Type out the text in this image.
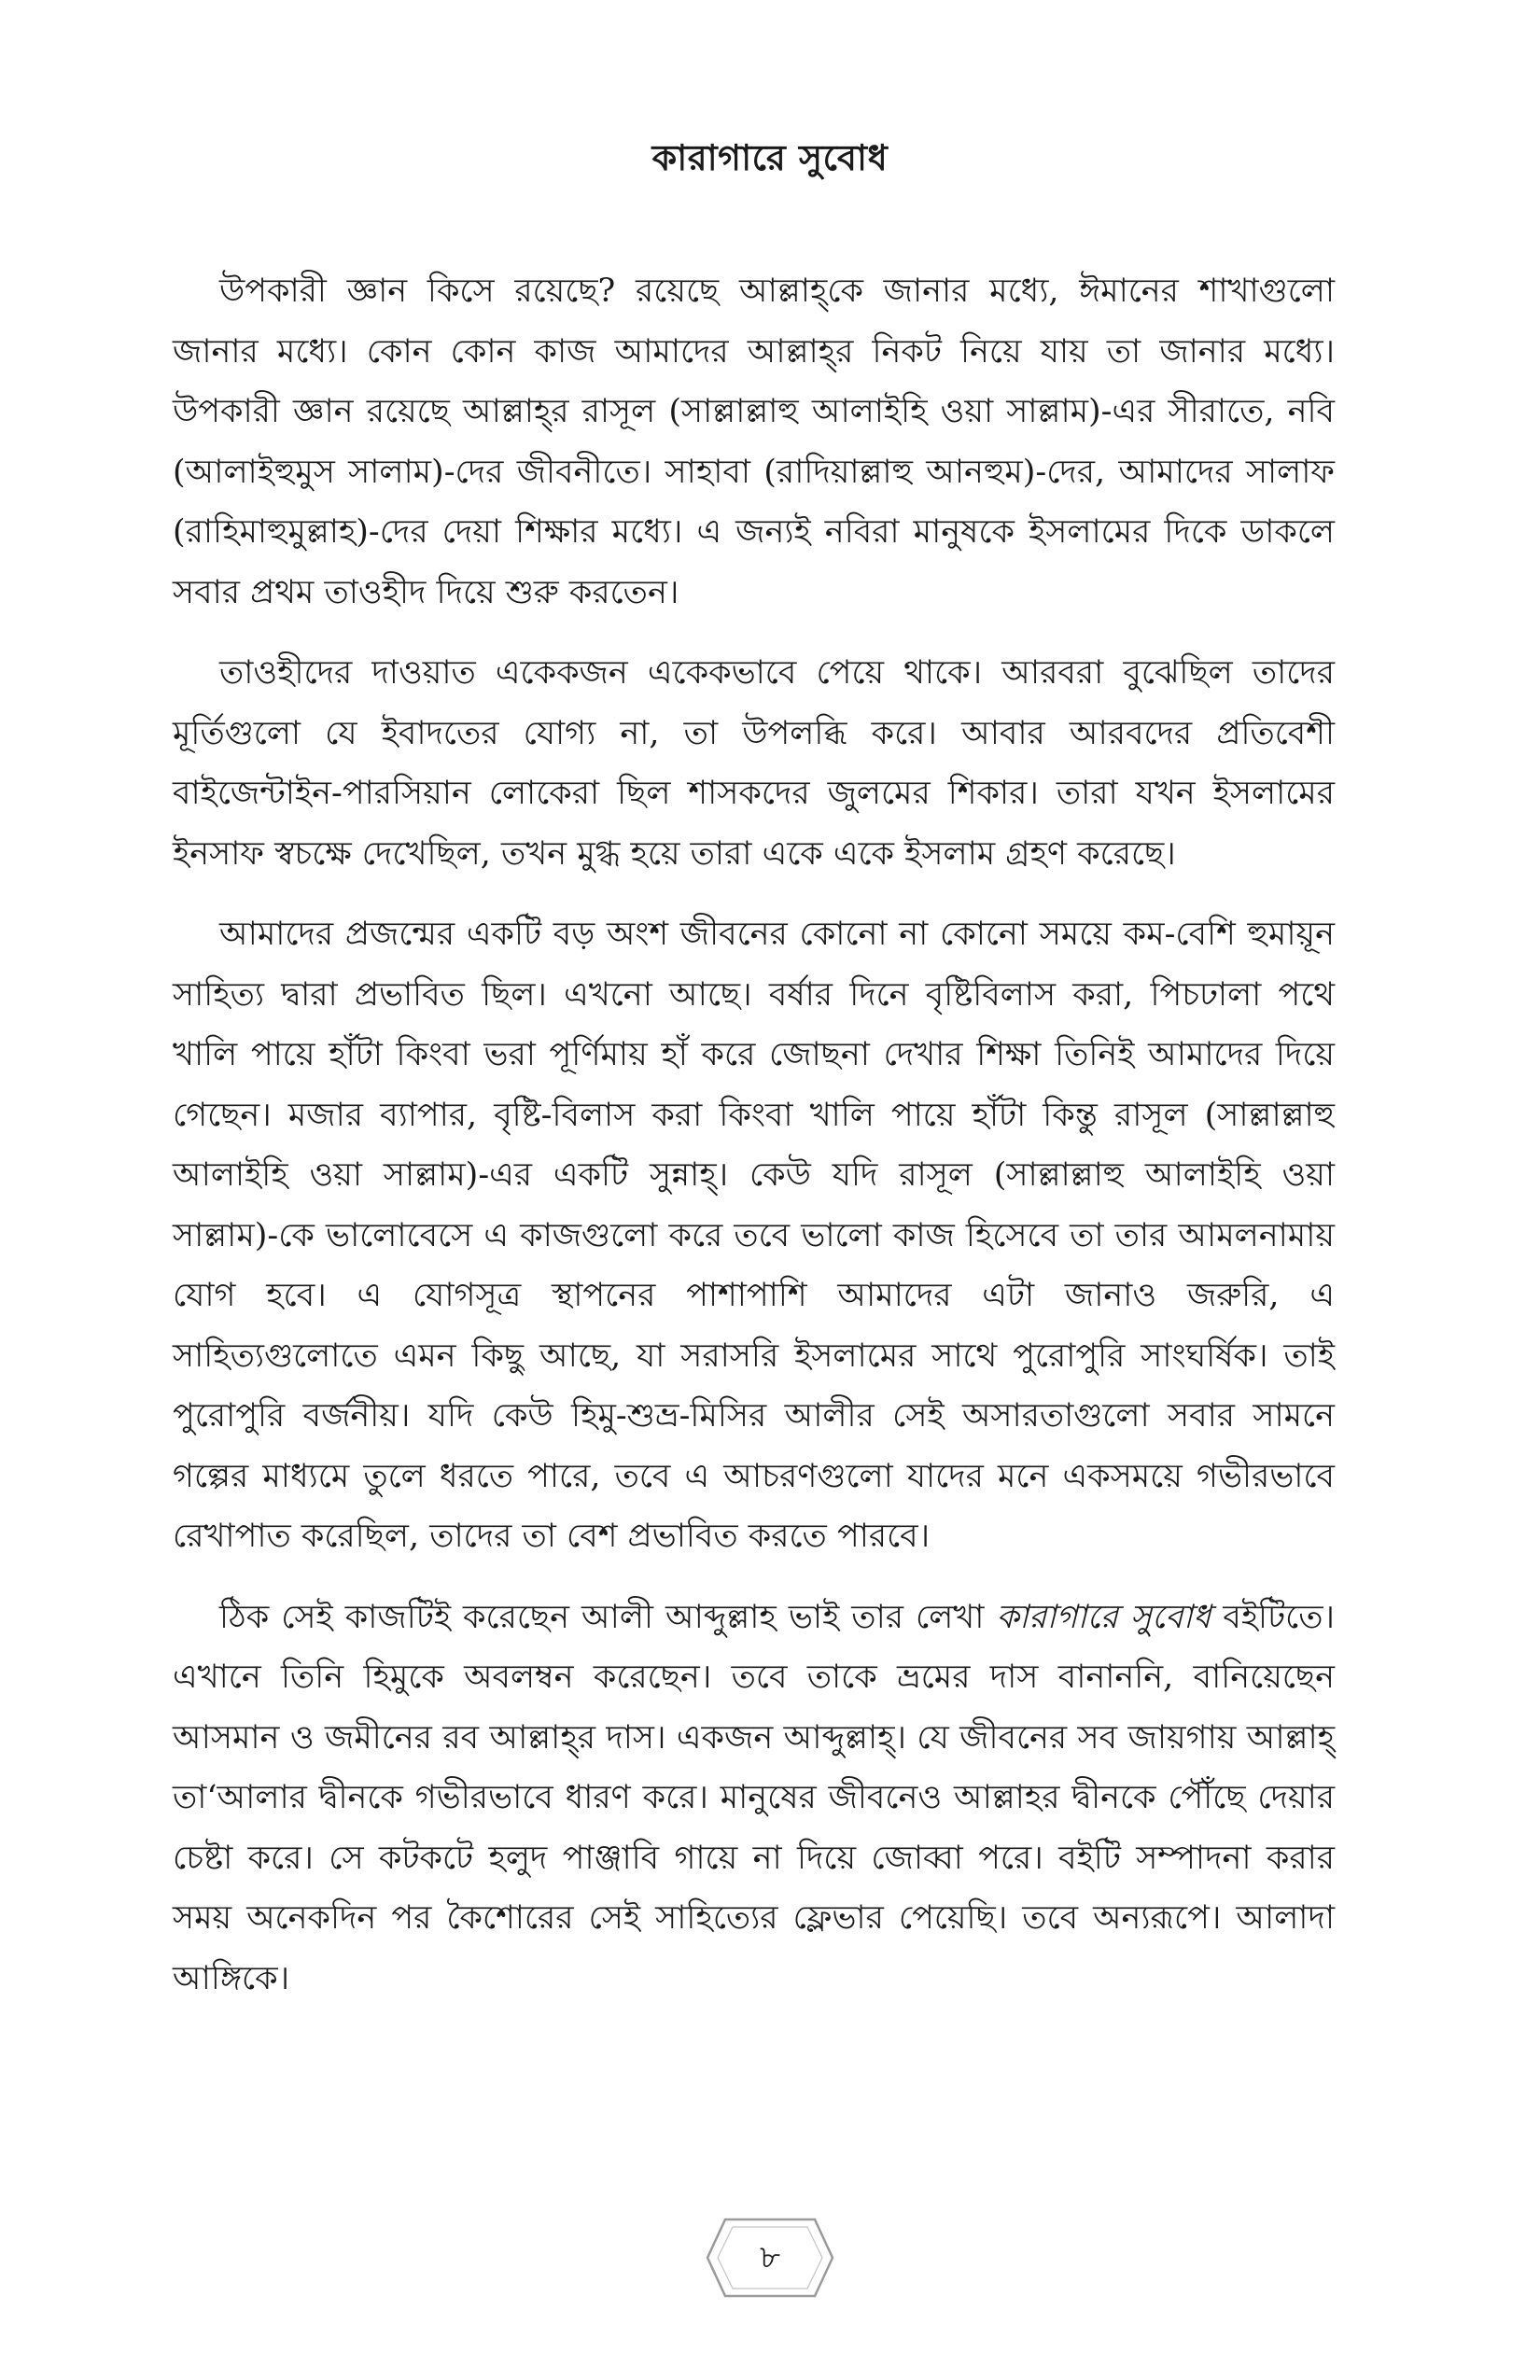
কারাগারে সুবোধ

উপকারী জ্ঞান কিসে রয়েছে? রয়েছে আল্লাহ্‌কে জানার মধ্যে, ঈমানের শাখাগুলো জানার মধ্যে। কোন কোন কাজ আমাদের আল্লাহ্‌র নিকট নিয়ে যায় তা জানার মধ্যে। উপকারী জ্ঞান রয়েছে আল্লাহ্‌র রাসূল (সাল্লাল্লাহু আলাইহি ওয়া সাল্লাম)-এর সীরাতে, নবি (আলাইহুমুস সালাম)-দের জীবনীতে। সাহাবা (রাদিয়াল্লাহু আনহুম)-দের, আমাদের সালাফ (রাহিমাহুমুল্লাহ)-দের দেয়া শিক্ষার মধ্যে। এ জন্যই নবিরা মানুষকে ইসলামের দিকে ডাকলে সবার প্রথম তাওহীদ দিয়ে শুরু করতেন।

তাওহীদের দাওয়াত একেকজন একেকভাবে পেয়ে থাকে। আরবরা বুঝেছিল তাদের মূর্তিগুলো যে ইবাদতের যোগ্য না, তা উপলব্ধি করে। আবার আরবদের প্রতিবেশী বাইজেন্টাইন-পারসিয়ান লোকেরা ছিল শাসকদের জুলমের শিকার। তারা যখন ইসলামের ইনসাফ স্বচক্ষে দেখেছিল, তখন মুগ্ধ হয়ে তারা একে একে ইসলাম গ্রহণ করেছে।

আমাদের প্রজন্মের একটি বড় অংশ জীবনের কোনো না কোনো সময়ে কম-বেশি হুমায়ূন সাহিত্য দ্বারা প্রভাবিত ছিল। এখনো আছে। বর্ষার দিনে বৃষ্টিবিলাস করা, পিচঢালা পথে খালি পায়ে হাঁটা কিংবা ভরা পূর্ণিমায় হাঁ করে জোছনা দেখার শিক্ষা তিনিই আমাদের দিয়ে গেছেন। মজার ব্যাপার, বৃষ্টি-বিলাস করা কিংবা খালি পায়ে হাঁটা কিন্তু রাসূল (সাল্লাল্লাহু আলাইহি ওয়া সাল্লাম)-এর একটি সুন্নাহ্‌। কেউ যদি রাসূল (সাল্লাল্লাহু আলাইহি ওয়া সাল্লাম)-কে ভালোবেসে এ কাজগুলো করে তবে ভালো কাজ হিসেবে তা তার আমলনামায় যোগ হবে। এ যোগসূত্র স্থাপনের পাশাপাশি আমাদের এটা জানাও জরুরি, এ সাহিত্যগুলোতে এমন কিছু আছে, যা সরাসরি ইসলামের সাথে পুরোপুরি সাংঘর্ষিক। তাই পুরোপুরি বর্জনীয়। যদি কেউ হিমু-শুভ্র-মিসির আলীর সেই অসারতাগুলো সবার সামনে গল্পের মাধ্যমে তুলে ধরতে পারে, তবে এ আচরণগুলো যাদের মনে একসময়ে গভীরভাবে রেখাপাত করেছিল, তাদের তা বেশ প্রভাবিত করতে পারবে।

ঠিক সেই কাজটিই করেছেন আলী আব্দুল্লাহ ভাই তার লেখা কারাগারে সুবোধ বইটিতে। এখানে তিনি হিমুকে অবলম্বন করেছেন। তবে তাকে ভ্রমের দাস বানাননি, বানিয়েছেন আসমান ও জমীনের রব আল্লাহ্‌র দাস। একজন আব্দুল্লাহ্‌। যে জীবনের সব জায়গায় আল্লাহ্‌ তা‘আলার দ্বীনকে গভীরভাবে ধারণ করে। মানুষের জীবনেও আল্লাহর দ্বীনকে পৌঁছে দেয়ার চেষ্টা করে। সে কটকটে হলুদ পাঞ্জাবি গায়ে না দিয়ে জোব্বা পরে। বইটি সম্পাদনা করার সময় অনেকদিন পর কৈশোরের সেই সাহিত্যের ফ্লেভার পেয়েছি। তবে অন্যরূপে। আলাদা আঙ্গিকে।

৮
